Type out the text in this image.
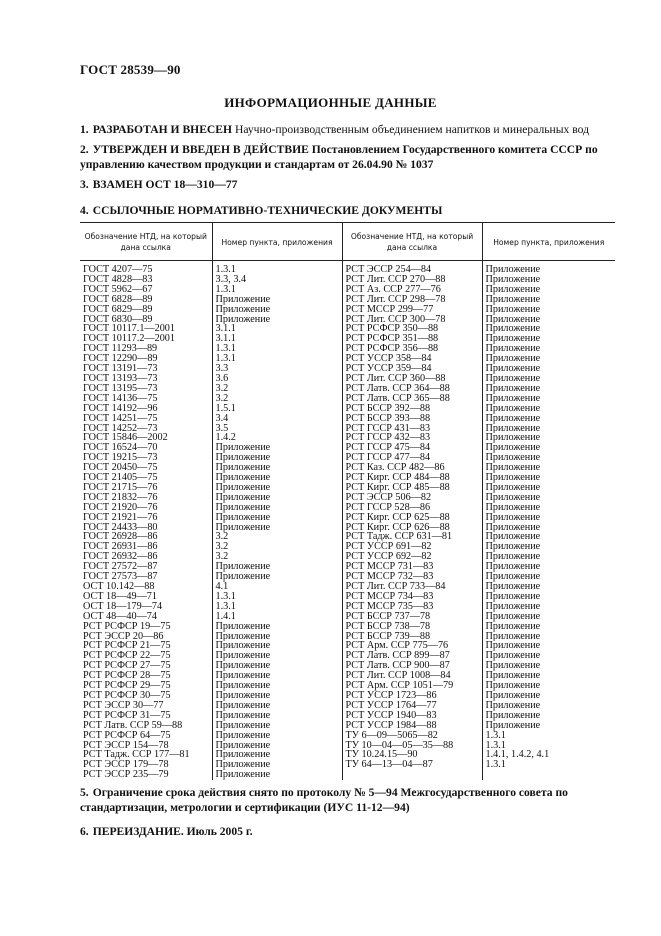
ГОСТ 28539—90
ИНФОРМАЦИОННЫЕ ДАННЫЕ
1. РАЗРАБОТАН И ВНЕСЕН Научно-производственным объединением напитков и минеральных вод
2. УТВЕРЖДЕН И ВВЕДЕН В ДЕЙСТВИЕ Постановлением Государственного комитета СССР по управлению качеством продукции и стандартам от 26.04.90 № 1037
3. ВЗАМЕН ОСТ 18—310—77
4. ССЫЛОЧНЫЕ НОРМАТИВНО-ТЕХНИЧЕСКИЕ ДОКУМЕНТЫ
Обозначение НТД, на который дана ссылка	Номер пункта, приложения	Обозначение НТД, на который дана ссылка	Номер пункта, приложения
ГОСТ 4207—75	1.3.1	РСТ ЭССР 254—84	Приложение
ГОСТ 4828—83	3.3, 3.4	РСТ Лит. ССР 270—88	Приложение
ГОСТ 5962—67	1.3.1	РСТ Аз. ССР 277—76	Приложение
ГОСТ 6828—89	Приложение	РСТ Лит. ССР 298—78	Приложение
ГОСТ 6829—89	Приложение	РСТ МССР 299—77	Приложение
ГОСТ 6830—89	Приложение	РСТ Лит. ССР 300—78	Приложение
ГОСТ 10117.1—2001	3.1.1	РСТ РСФСР 350—88	Приложение
ГОСТ 10117.2—2001	3.1.1	РСТ РСФСР 351—88	Приложение
ГОСТ 11293—89	1.3.1	РСТ РСФСР 356—88	Приложение
ГОСТ 12290—89	1.3.1	РСТ УССР 358—84	Приложение
ГОСТ 13191—73	3.3	РСТ УССР 359—84	Приложение
ГОСТ 13193—73	3.6	РСТ Лит. ССР 360—88	Приложение
ГОСТ 13195—73	3.2	РСТ Латв. ССР 364—88	Приложение
ГОСТ 14136—75	3.2	РСТ Латв. ССР 365—88	Приложение
ГОСТ 14192—96	1.5.1	РСТ БССР 392—88	Приложение
ГОСТ 14251—75	3.4	РСТ БССР 393—88	Приложение
ГОСТ 14252—73	3.5	РСТ ГССР 431—83	Приложение
ГОСТ 15846—2002	1.4.2	РСТ ГССР 432—83	Приложение
ГОСТ 16524—70	Приложение	РСТ ГССР 475—84	Приложение
ГОСТ 19215—73	Приложение	РСТ ГССР 477—84	Приложение
ГОСТ 20450—75	Приложение	РСТ Каз. ССР 482—86	Приложение
ГОСТ 21405—75	Приложение	РСТ Кирг. ССР 484—88	Приложение
ГОСТ 21715—76	Приложение	РСТ Кирг. ССР 485—88	Приложение
ГОСТ 21832—76	Приложение	РСТ ЭССР 506—82	Приложение
ГОСТ 21920—76	Приложение	РСТ ГССР 528—86	Приложение
ГОСТ 21921—76	Приложение	РСТ Кирг. ССР 625—88	Приложение
ГОСТ 24433—80	Приложение	РСТ Кирг. ССР 626—88	Приложение
ГОСТ 26928—86	3.2	РСТ Тадж. ССР 631—81	Приложение
ГОСТ 26931—86	3.2	РСТ УССР 691—82	Приложение
ГОСТ 26932—86	3.2	РСТ УССР 692—82	Приложение
ГОСТ 27572—87	Приложение	РСТ МССР 731—83	Приложение
ГОСТ 27573—87	Приложение	РСТ МССР 732—83	Приложение
ОСТ 10.142—88	4.1	РСТ Лит. ССР 733—84	Приложение
ОСТ 18—49—71	1.3.1	РСТ МССР 734—83	Приложение
ОСТ 18—179—74	1.3.1	РСТ МССР 735—83	Приложение
ОСТ 48—40—74	1.4.1	РСТ БССР 737—78	Приложение
РСТ РСФСР 19—75	Приложение	РСТ БССР 738—78	Приложение
РСТ ЭССР 20—86	Приложение	РСТ БССР 739—88	Приложение
РСТ РСФСР 21—75	Приложение	РСТ Арм. ССР 775—76	Приложение
РСТ РСФСР 22—75	Приложение	РСТ Латв. ССР 899—87	Приложение
РСТ РСФСР 27—75	Приложение	РСТ Латв. ССР 900—87	Приложение
РСТ РСФСР 28—75	Приложение	РСТ Лит. ССР 1008—84	Приложение
РСТ РСФСР 29—75	Приложение	РСТ Арм. ССР 1051—79	Приложение
РСТ РСФСР 30—75	Приложение	РСТ УССР 1723—86	Приложение
РСТ ЭССР 30—77	Приложение	РСТ УССР 1764—77	Приложение
РСТ РСФСР 31—75	Приложение	РСТ УССР 1940—83	Приложение
РСТ Латв. ССР 59—88	Приложение	РСТ УССР 1984—88	Приложение
РСТ РСФСР 64—75	Приложение	ТУ 6—09—5065—82	1.3.1
РСТ ЭССР 154—78	Приложение	ТУ 10—04—05—35—88	1.3.1
РСТ Тадж. ССР 177—81	Приложение	ТУ 10.24.15—90	1.4.1, 1.4.2, 4.1
РСТ ЭССР 179—78	Приложение	ТУ 64—13—04—87	1.3.1
РСТ ЭССР 235—79	Приложение		
5. Ограничение срока действия снято по протоколу № 5—94 Межгосударственного совета по стандартизации, метрологии и сертификации (ИУС 11-12—94)
6. ПЕРЕИЗДАНИЕ. Июль 2005 г.
